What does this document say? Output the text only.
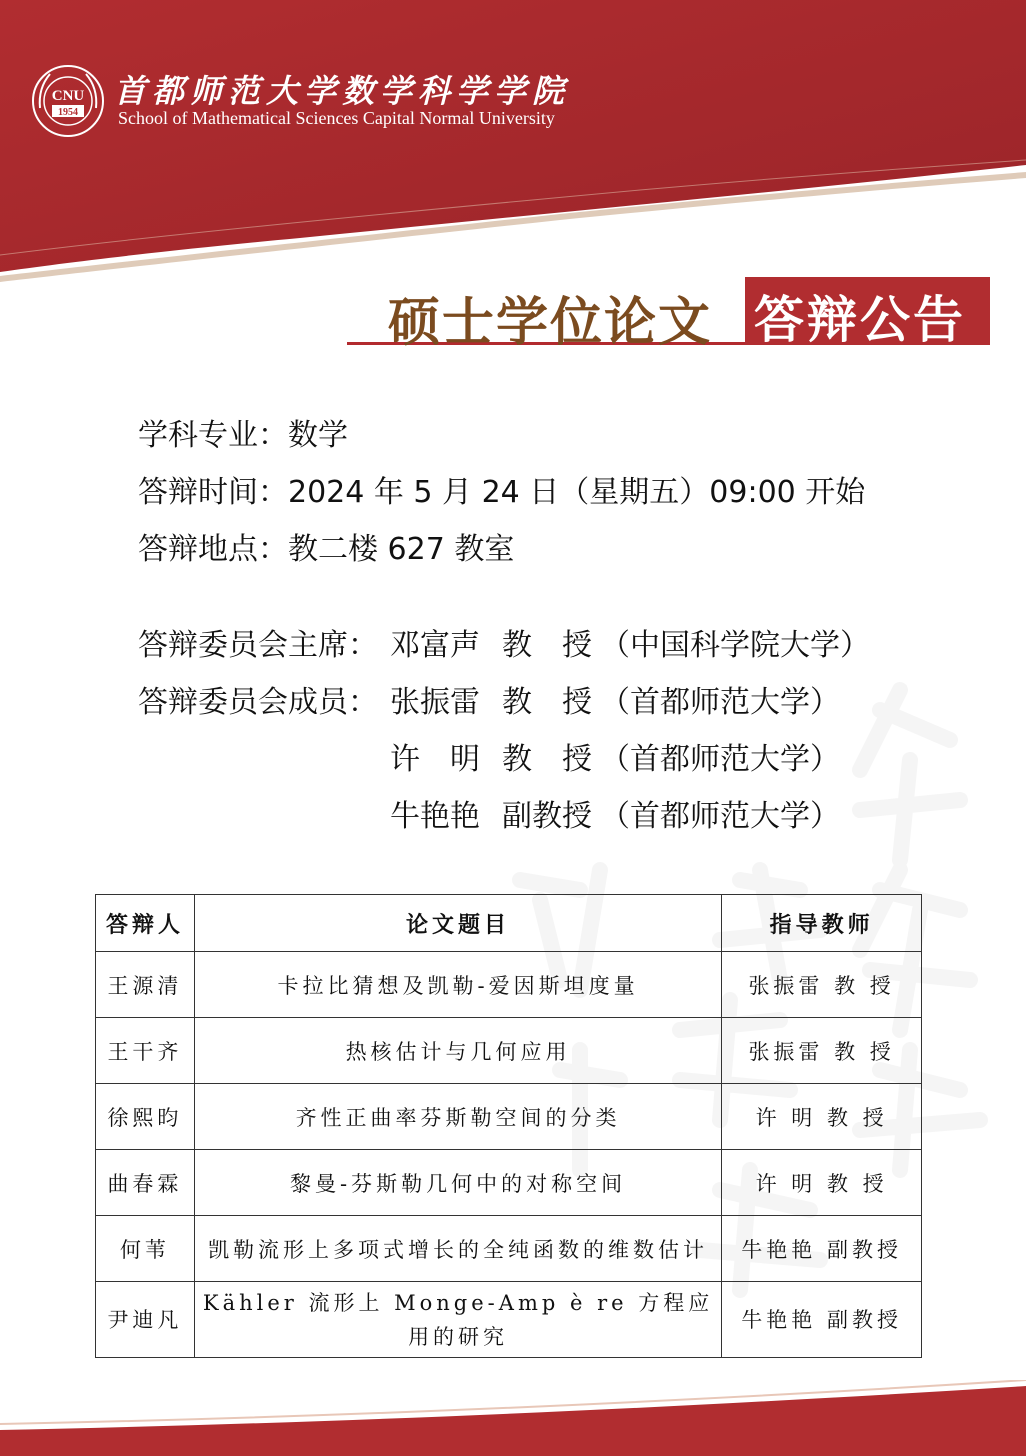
CNU
1954
首都师范大学数学科学学院
School of Mathematical Sciences Capital Normal University
硕士学位论文 答辩公告
学科专业：数学
答辩时间：2024 年 5 月 24 日（星期五）09:00 开始
答辩地点：教二楼 627 教室
答辩委员会主席： 邓富声 教　授 （中国科学院大学）
答辩委员会成员： 张振雷 教　授 （首都师范大学）
许　明 教　授 （首都师范大学）
牛艳艳 副教授 （首都师范大学）
答辩人	论文题目	指导教师
王源清	卡拉比猜想及凯勒-爱因斯坦度量	张振雷 教 授
王干齐	热核估计与几何应用	张振雷 教 授
徐熙昀	齐性正曲率芬斯勒空间的分类	许 明 教 授
曲春霖	黎曼-芬斯勒几何中的对称空间	许 明 教 授
何苇	凯勒流形上多项式增长的全纯函数的维数估计	牛艳艳 副教授
尹迪凡	Kähler 流形上 Monge-Amp è re 方程应用的研究	牛艳艳 副教授
